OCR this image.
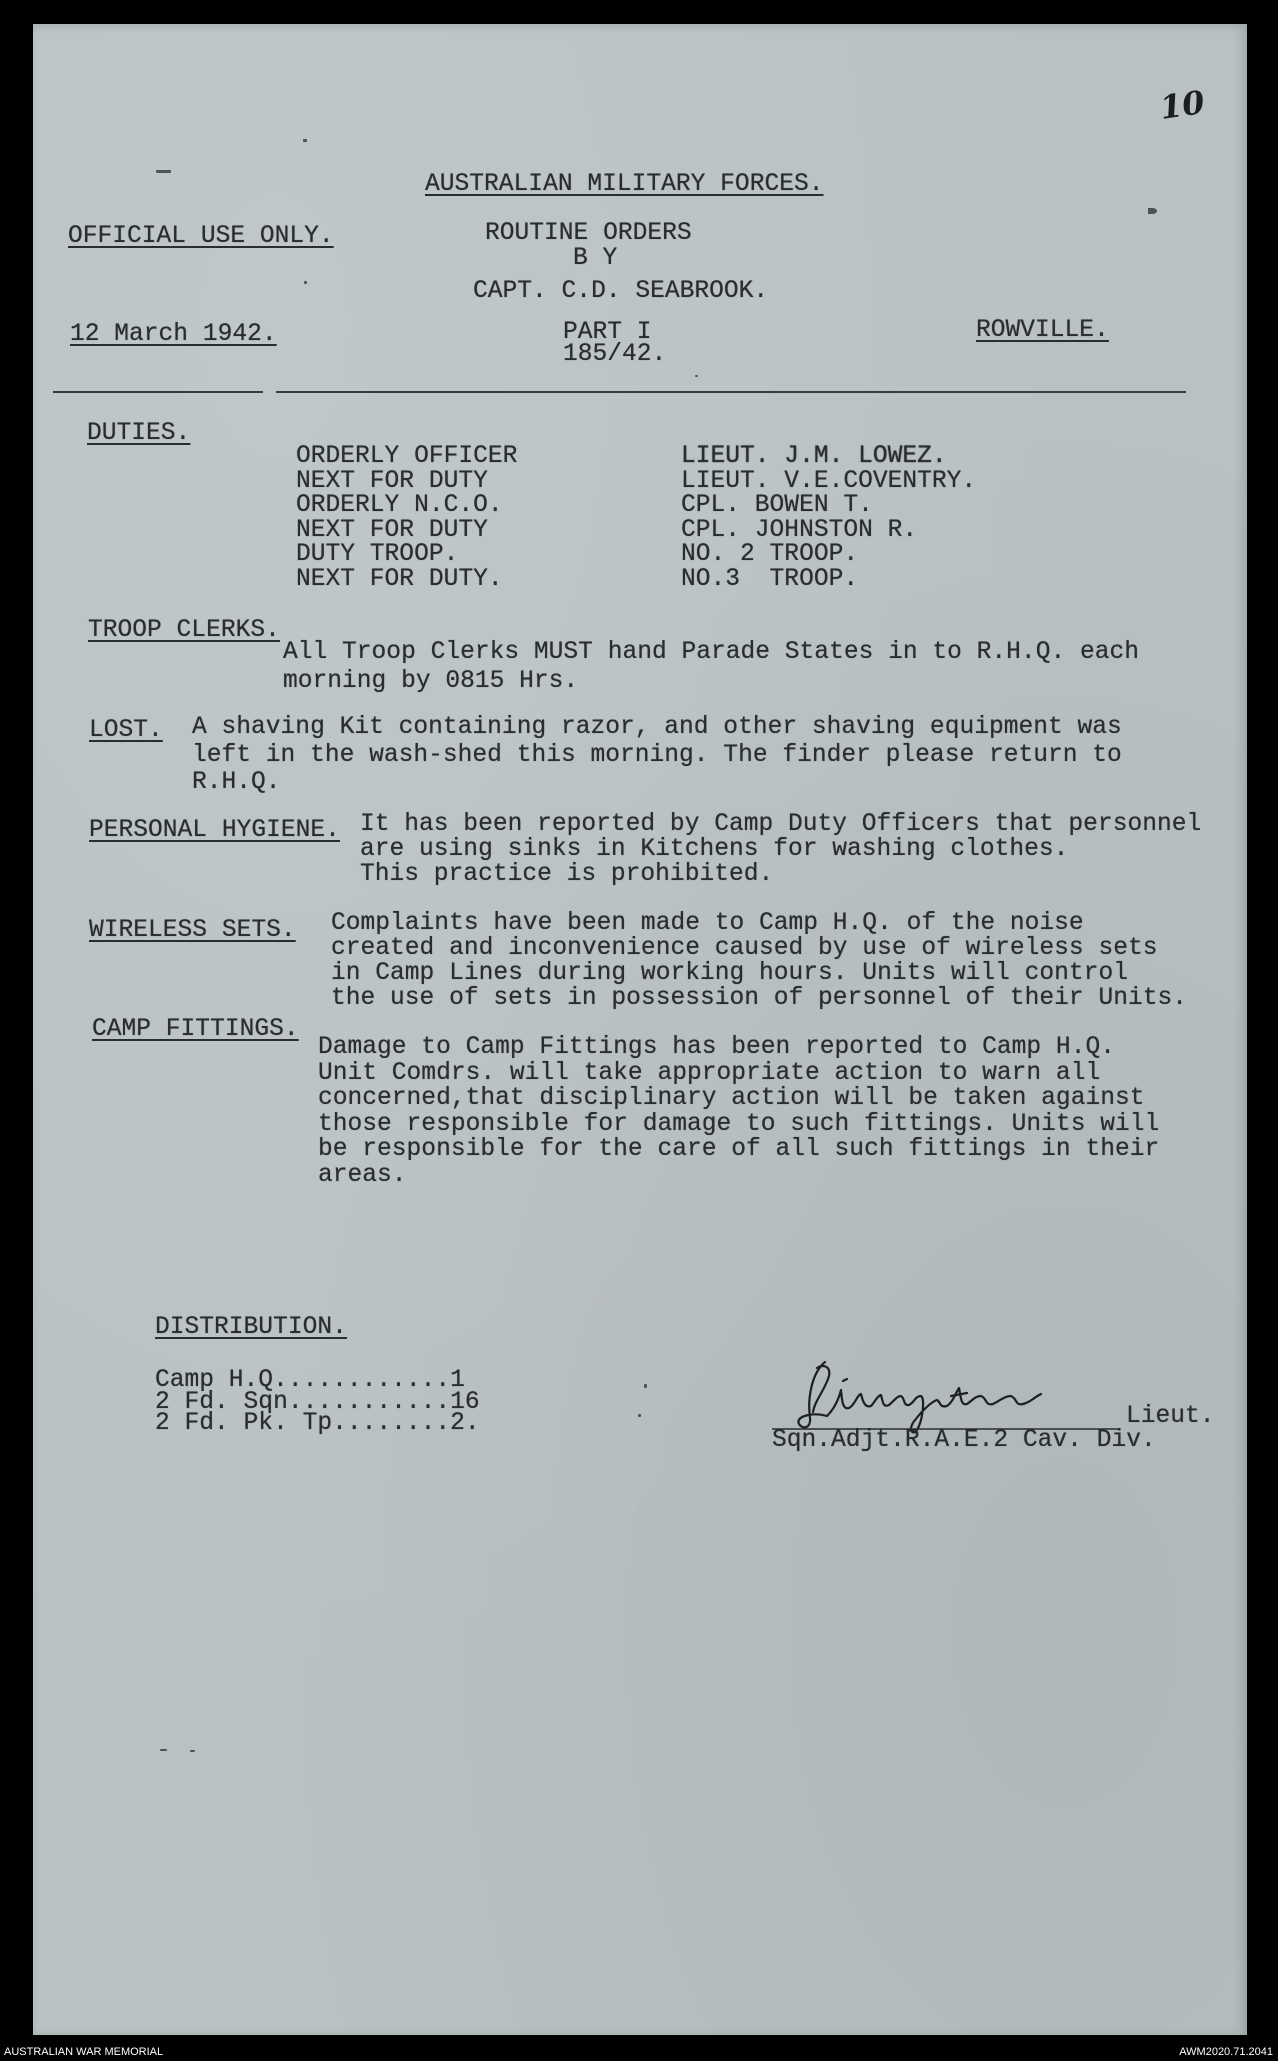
10
AUSTRALIAN MILITARY FORCES.
OFFICIAL USE ONLY.	ROUTINE ORDERS
B Y
CAPT. C.D. SEABROOK.
12 March 1942.	PART I
185/42.
ROWVILLE.
DUTIES.
ORDERLY OFFICER	LIEUT. J.M. LOWEZ.
NEXT FOR DUTY	LIEUT. V.E.COVENTRY.
ORDERLY N.C.O.	CPL. BOWEN T.
NEXT FOR DUTY	CPL. JOHNSTON R.
DUTY TROOP.	NO. 2 TROOP.
NEXT FOR DUTY.	NO.3  TROOP.
TROOP CLERKS.
All Troop Clerks MUST hand Parade States in to R.H.Q. each
morning by 0815 Hrs.
LOST. A shaving Kit containing razor, and other shaving equipment was
left in the wash-shed this morning. The finder please return to
R.H.Q.
PERSONAL HYGIENE. It has been reported by Camp Duty Officers that personnel
are using sinks in Kitchens for washing clothes.
This practice is prohibited.
WIRELESS SETS. Complaints have been made to Camp H.Q. of the noise
created and inconvenience caused by use of wireless sets
in Camp Lines during working hours. Units will control
the use of sets in possession of personnel of their Units.
CAMP FITTINGS.
Damage to Camp Fittings has been reported to Camp H.Q.
Unit Comdrs. will take appropriate action to warn all
concerned,that disciplinary action will be taken against
those responsible for damage to such fittings. Units will
be responsible for the care of all such fittings in their
areas.
DISTRIBUTION.
Camp H.Q............1
2 Fd. Sqn...........16
2 Fd. Pk. Tp........2.	Lieut.
Sqn.Adjt.R.A.E.2 Cav. Div.
AUSTRALIAN WAR MEMORIAL	AWM2020.71.2041
